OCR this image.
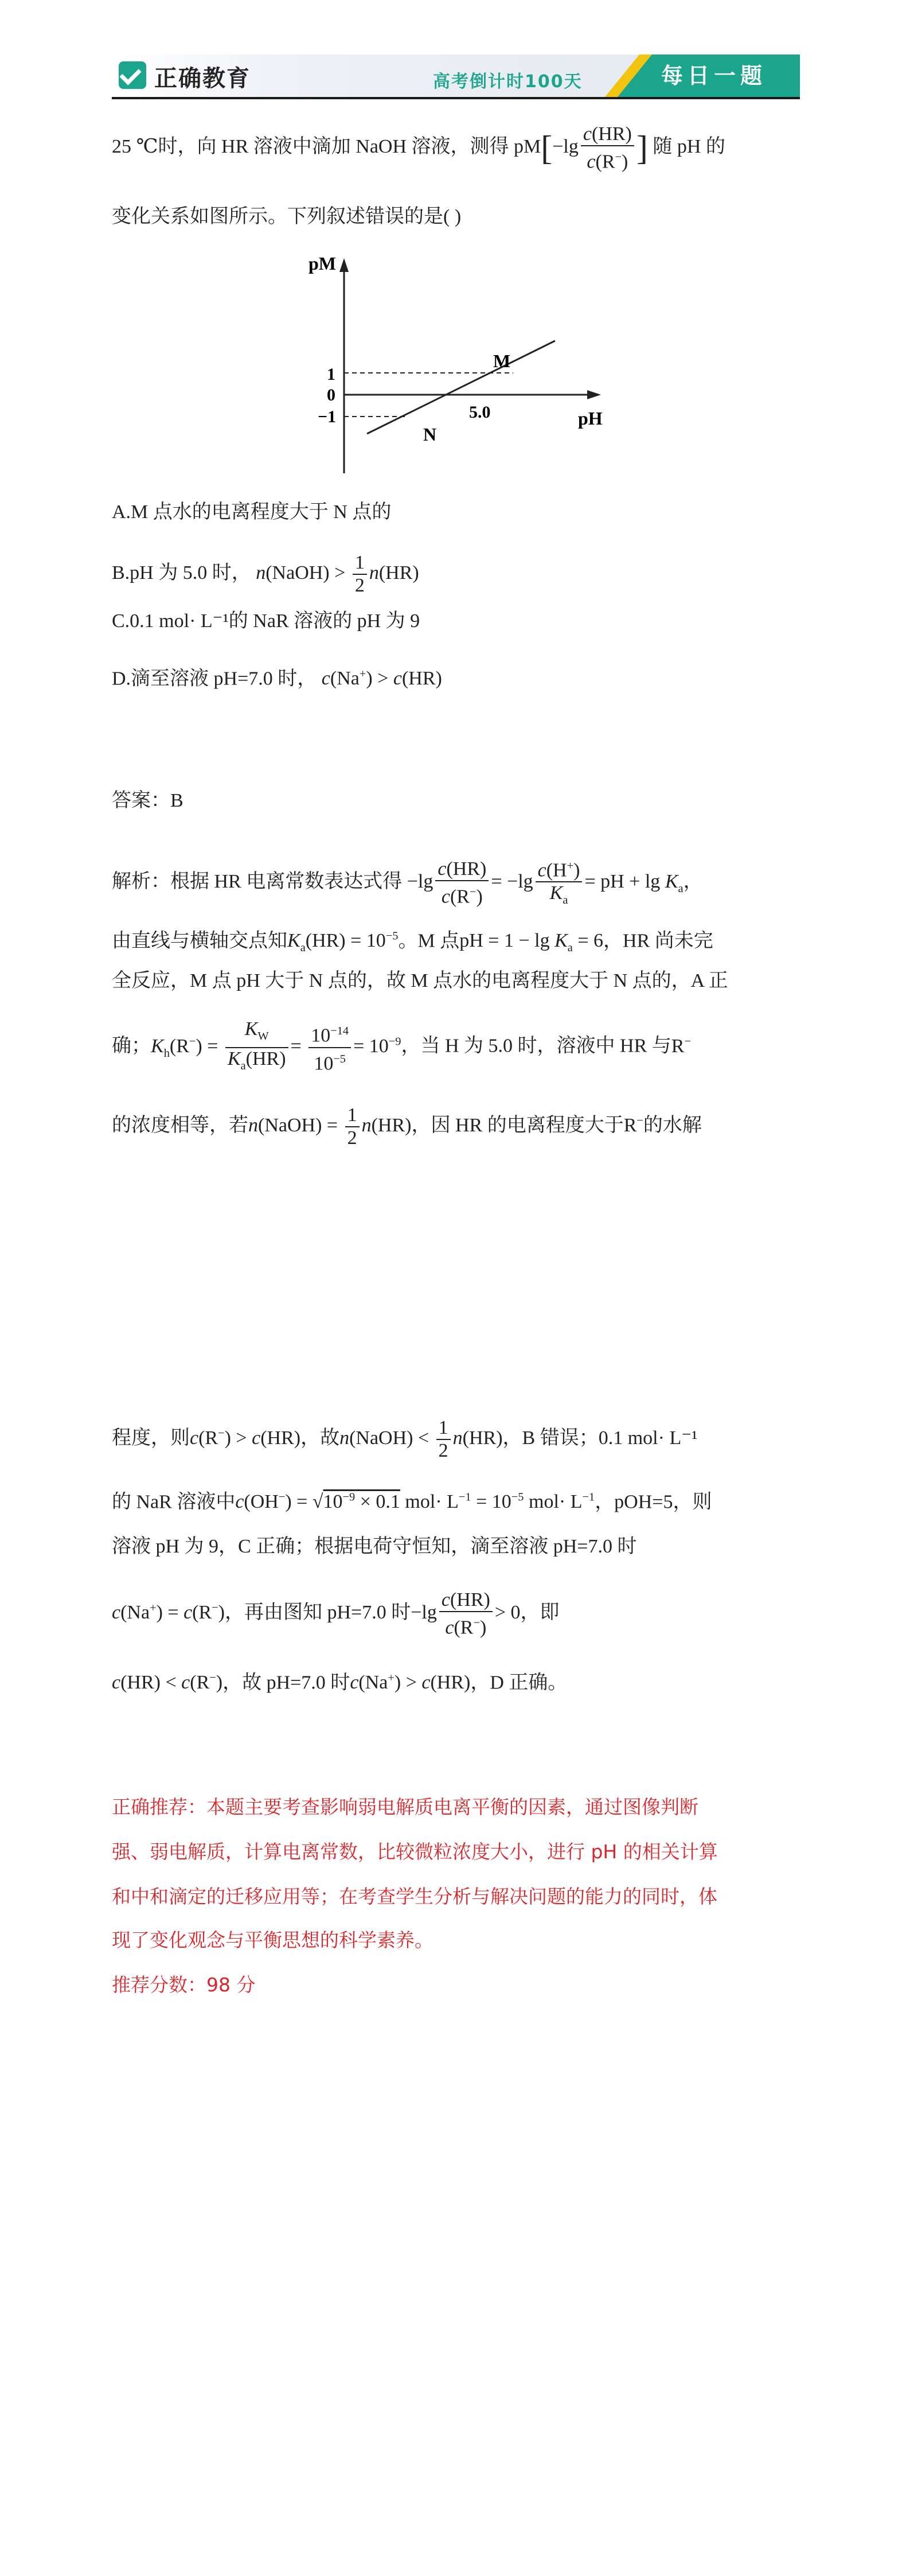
正确教育	高考倒计时100天	每日一题
25 ℃时，向 HR 溶液中滴加 NaOH 溶液，测得 $pM[-\lg \frac{c(HR)}{c(R^-)}$ ] 随 pH 的
变化关系如图所示。下列叙述错误的是( )
pM
pH
1
0
−1	5.0
M
N
A.M 点水的电离程度大于 N 点的
B.pH 为 5.0 时， n(NaOH) > $\frac{1}{2} n(HR)$
C.0.1 mol· L⁻¹的 NaR 溶液的 pH 为 9
D.滴至溶液 pH=7.0 时， c(Na+) > c(HR)
答案：B
解析：根据 HR 电离常数表达式得 $-\lg \frac{c(HR)}{c(R^-)} = -\lg \frac{c(H^+)}{K_a}$ = pH + $\lg K_a$，
由直线与横轴交点知$K_a(HR) = 10^{-5}$。M 点pH = $1 - \lg K_a = 6$，HR 尚未完
全反应，M 点 pH 大于 N 点的，故 M 点水的电离程度大于 N 点的，A 正
确；$K_h(R^-) = \frac{K_W}{K_a(HR)} = \frac{10^{-14}}{10^{-5}} = 10^{-9}$，当 H 为 5.0 时，溶液中 HR 与R−
的浓度相等，若n(NaOH) = $\frac{1}{2} n(HR)$，因 HR 的电离程度大于R−的水解
程度，则c(R−) > c(HR)，故n(NaOH) < $\frac{1}{2} n(HR)$，B 错误；0.1 mol· L⁻¹
的 NaR 溶液中$c(OH^-) = √10^{-9} \times 0.1$ $mol\cdot L^{-1} = 10^{-5}$ $mol\cdot L^{-1}$，pOH=5，则
溶液 pH 为 9，C 正确；根据电荷守恒知，滴至溶液 pH=7.0 时
c(Na+) = c(R−)，再由图知 pH=7.0 时$-\lg \frac{c(HR)}{c(R^-)} > 0$，即
c(HR) < c(R−)，故 pH=7.0 时c(Na+) > c(HR)，D 正确。
正确推荐：本题主要考查影响弱电解质电离平衡的因素，通过图像判断
强、弱电解质，计算电离常数，比较微粒浓度大小，进行 pH 的相关计算
和中和滴定的迁移应用等；在考查学生分析与解决问题的能力的同时，体
现了变化观念与平衡思想的科学素养。
推荐分数：98 分
